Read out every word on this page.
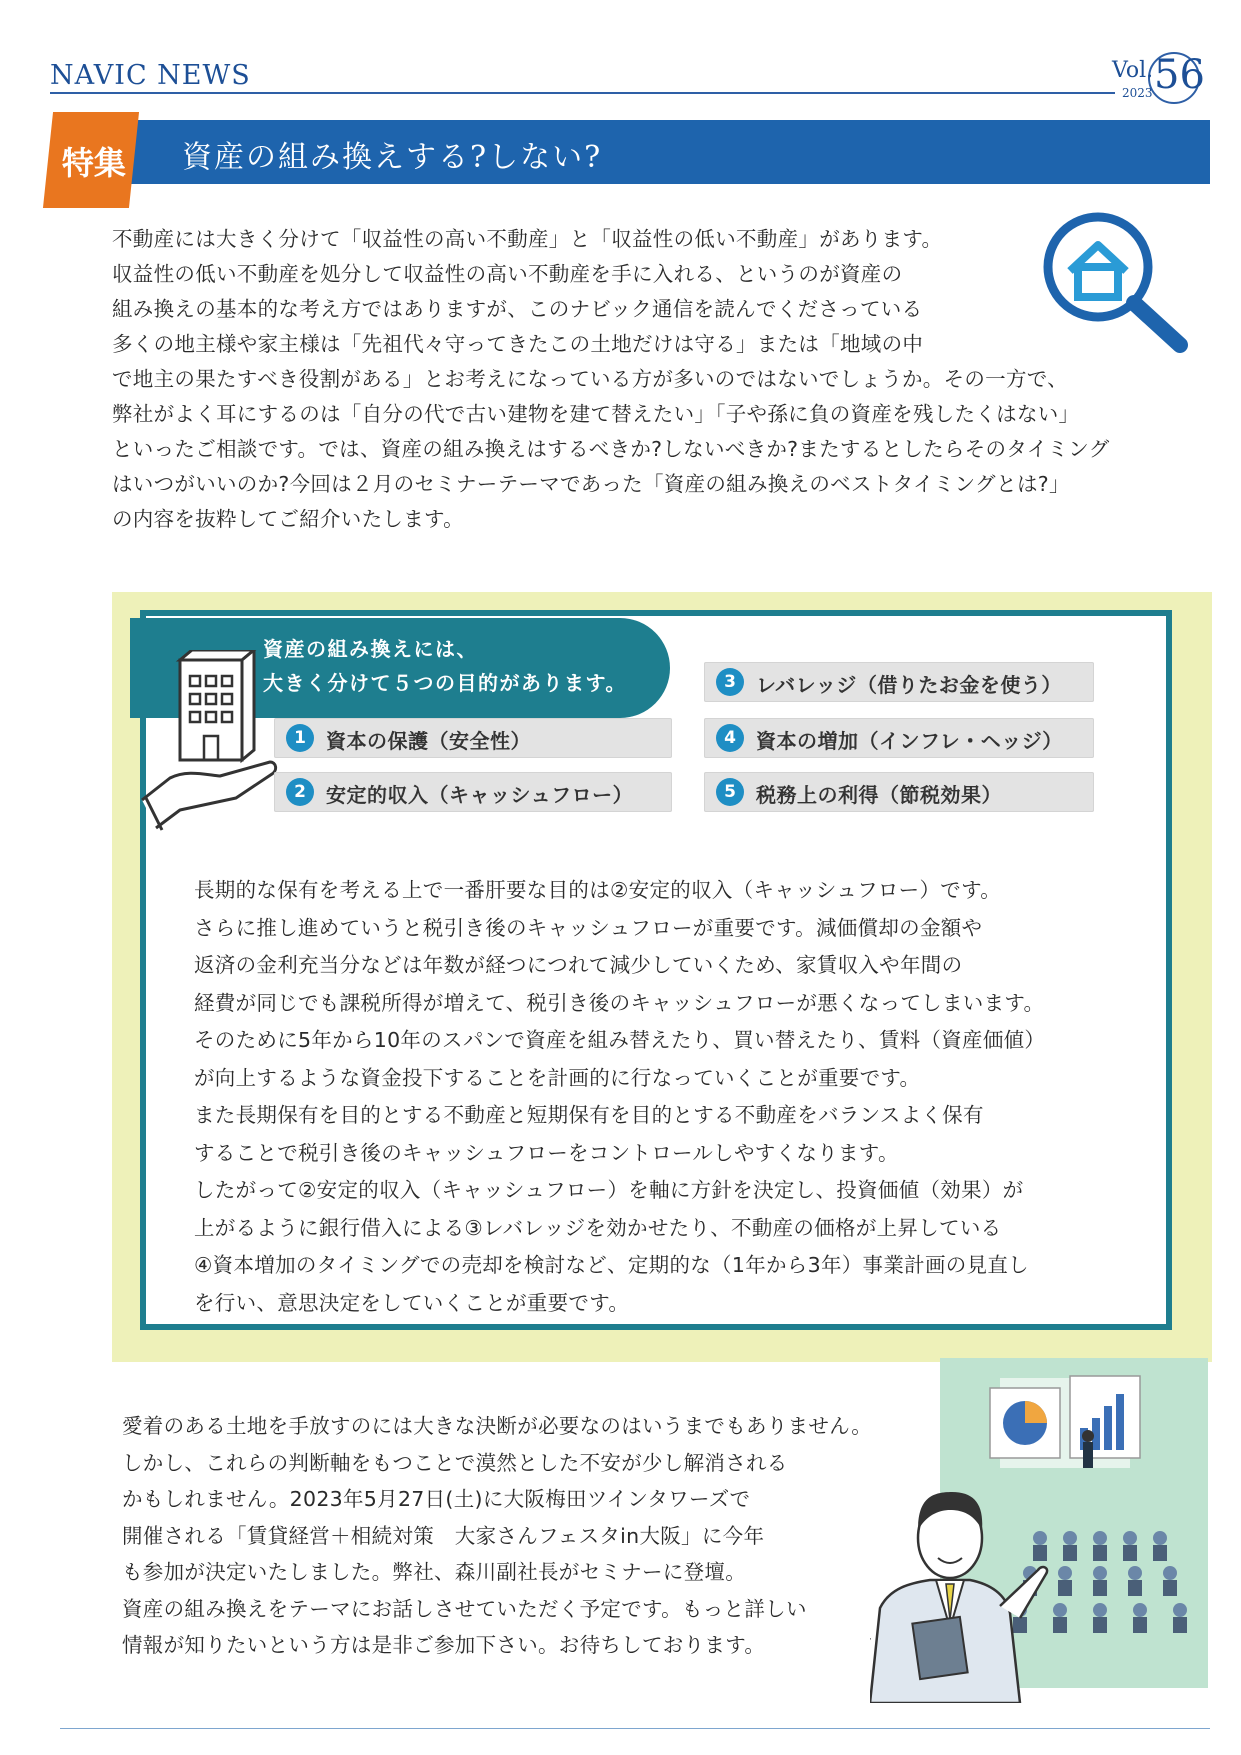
NAVIC NEWS	Vol. 56
2023
資産の組み換えする?しない?
特集

不動産には大きく分けて「収益性の高い不動産」と「収益性の低い不動産」があります。

収益性の低い不動産を処分して収益性の高い不動産を手に入れる、というのが資産の

組み換えの基本的な考え方ではありますが、このナビック通信を読んでくださっている

多くの地主様や家主様は「先祖代々守ってきたこの土地だけは守る」または「地域の中

で地主の果たすべき役割がある」とお考えになっている方が多いのではないでしょうか。その一方で、

弊社がよく耳にするのは「自分の代で古い建物を建て替えたい」「子や孫に負の資産を残したくはない」

といったご相談です。では、資産の組み換えはするべきか?しないべきか?またするとしたらそのタイミング

はいつがいいのか?今回は２月のセミナーテーマであった「資産の組み換えのベストタイミングとは?」

の内容を抜粋してご紹介いたします。

資産の組み換えには、
大きく分けて５つの目的があります。
1	資本の保護（安全性）
2	安定的収入（キャッシュフロー）
3	レバレッジ（借りたお金を使う）
4	資本の増加（インフレ・ヘッジ）
5	税務上の利得（節税効果）

長期的な保有を考える上で一番肝要な目的は②安定的収入（キャッシュフロー）です。

さらに推し進めていうと税引き後のキャッシュフローが重要です。減価償却の金額や

返済の金利充当分などは年数が経つにつれて減少していくため、家賃収入や年間の

経費が同じでも課税所得が増えて、税引き後のキャッシュフローが悪くなってしまいます。

そのために5年から10年のスパンで資産を組み替えたり、買い替えたり、賃料（資産価値）

が向上するような資金投下することを計画的に行なっていくことが重要です。

また長期保有を目的とする不動産と短期保有を目的とする不動産をバランスよく保有

することで税引き後のキャッシュフローをコントロールしやすくなります。

したがって②安定的収入（キャッシュフロー）を軸に方針を決定し、投資価値（効果）が

上がるように銀行借入による③レバレッジを効かせたり、不動産の価格が上昇している

④資本増加のタイミングでの売却を検討など、定期的な（1年から3年）事業計画の見直し

を行い、意思決定をしていくことが重要です。

愛着のある土地を手放すのには大きな決断が必要なのはいうまでもありません。

しかし、これらの判断軸をもつことで漠然とした不安が少し解消される

かもしれません。2023年5月27日(土)に大阪梅田ツインタワーズで

開催される「賃貸経営＋相続対策　大家さんフェスタin大阪」に今年

も参加が決定いたしました。弊社、森川副社長がセミナーに登壇。

資産の組み換えをテーマにお話しさせていただく予定です。もっと詳しい

情報が知りたいという方は是非ご参加下さい。お待ちしております。
